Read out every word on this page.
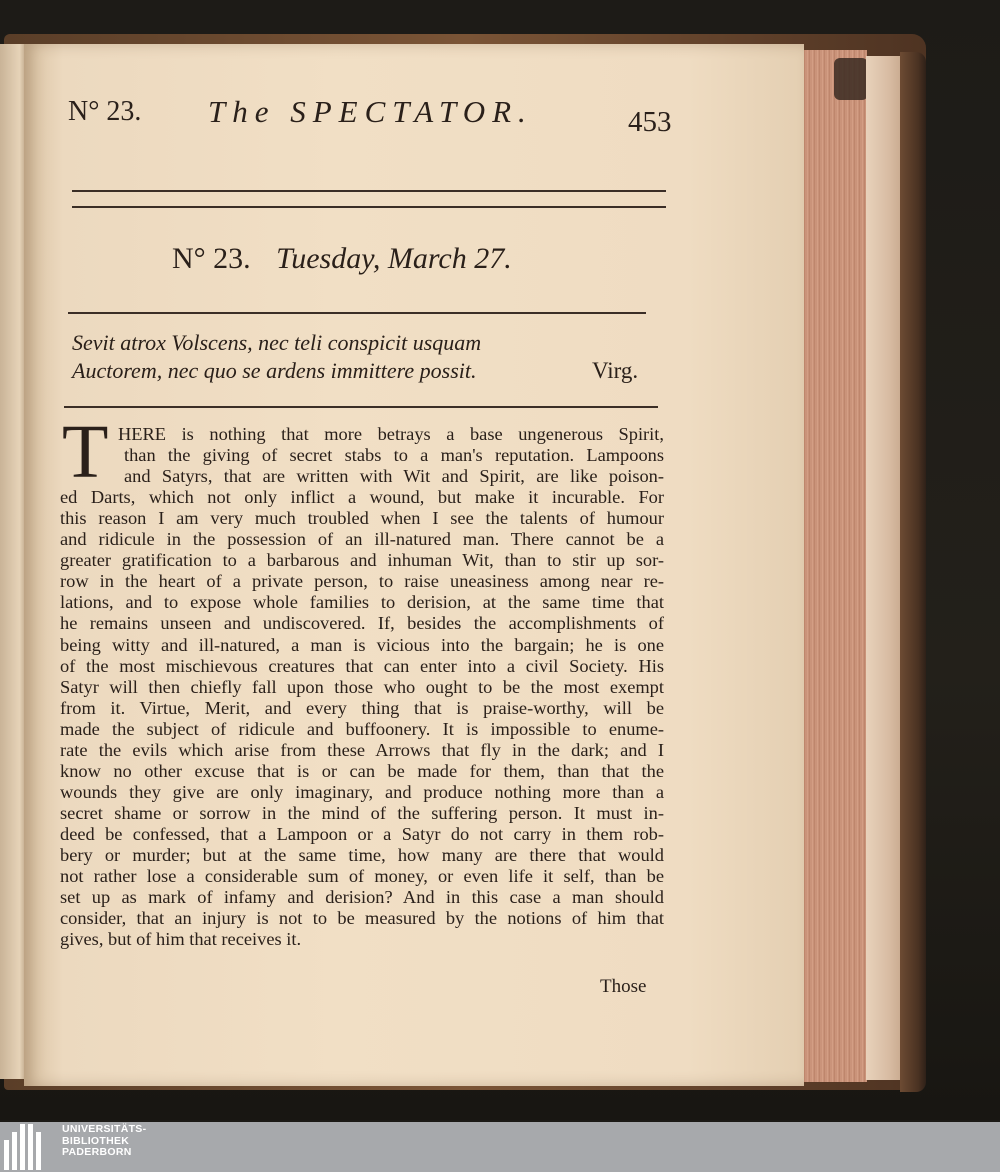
N° 23. The SPECTATOR.	453
N° 23. Tuesday, March 27.
Sevit atrox Volscens, nec teli conspicit usquam
Auctorem, nec quo se ardens immittere possit.	Virg.
T HERE is nothing that more betrays a base ungenerous Spirit,
than the giving of secret stabs to a man's reputation. Lampoons
and Satyrs, that are written with Wit and Spirit, are like poison-
ed Darts, which not only inflict a wound, but make it incurable. For
this reason I am very much troubled when I see the talents of humour
and ridicule in the possession of an ill-natured man. There cannot be a
greater gratification to a barbarous and inhuman Wit, than to stir up sor-
row in the heart of a private person, to raise uneasiness among near re-
lations, and to expose whole families to derision, at the same time that
he remains unseen and undiscovered. If, besides the accomplishments of
being witty and ill-natured, a man is vicious into the bargain; he is one
of the most mischievous creatures that can enter into a civil Society. His
Satyr will then chiefly fall upon those who ought to be the most exempt
from it. Virtue, Merit, and every thing that is praise-worthy, will be
made the subject of ridicule and buffoonery. It is impossible to enume-
rate the evils which arise from these Arrows that fly in the dark; and I
know no other excuse that is or can be made for them, than that the
wounds they give are only imaginary, and produce nothing more than a
secret shame or sorrow in the mind of the suffering person. It must in-
deed be confessed, that a Lampoon or a Satyr do not carry in them rob-
bery or murder; but at the same time, how many are there that would
not rather lose a considerable sum of money, or even life it self, than be
set up as mark of infamy and derision? And in this case a man should
consider, that an injury is not to be measured by the notions of him that
gives, but of him that receives it.
Those
UNIVERSITÄTS-
BIBLIOTHEK
PADERBORN
